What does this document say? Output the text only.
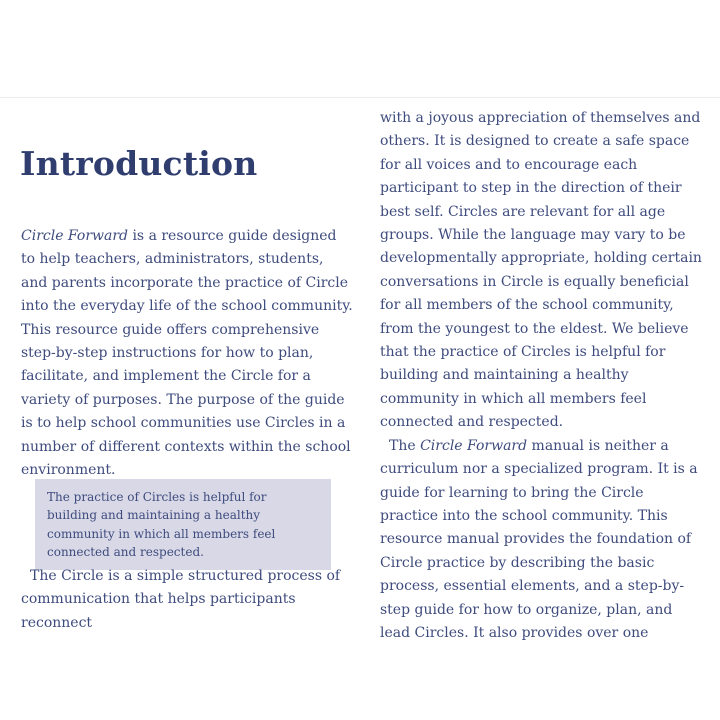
Introduction

Circle Forward is a resource guide designed to help teachers, administrators, students, and parents incorporate the practice of Circle into the everyday life of the school community. This resource guide offers comprehensive step-by-step instructions for how to plan, facilitate, and implement the Circle for a variety of purposes. The purpose of the guide is to help school communities use Circles in a number of different contexts within the school environment.

The practice of Circles is helpful for building and maintaining a healthy community in which all members feel connected and respected.

The Circle is a simple structured process of communication that helps participants reconnect

with a joyous appreciation of themselves and others. It is designed to create a safe space for all voices and to encourage each participant to step in the direction of their best self. Circles are relevant for all age groups. While the language may vary to be developmentally appropriate, holding certain conversations in Circle is equally beneficial for all members of the school community, from the youngest to the eldest. We believe that the practice of Circles is helpful for building and maintaining a healthy community in which all members feel connected and respected.

The Circle Forward manual is neither a curriculum nor a specialized program. It is a guide for learning to bring the Circle practice into the school community. This resource manual provides the foundation of Circle practice by describing the basic process, essential elements, and a step-by-step guide for how to organize, plan, and lead Circles. It also provides over one
